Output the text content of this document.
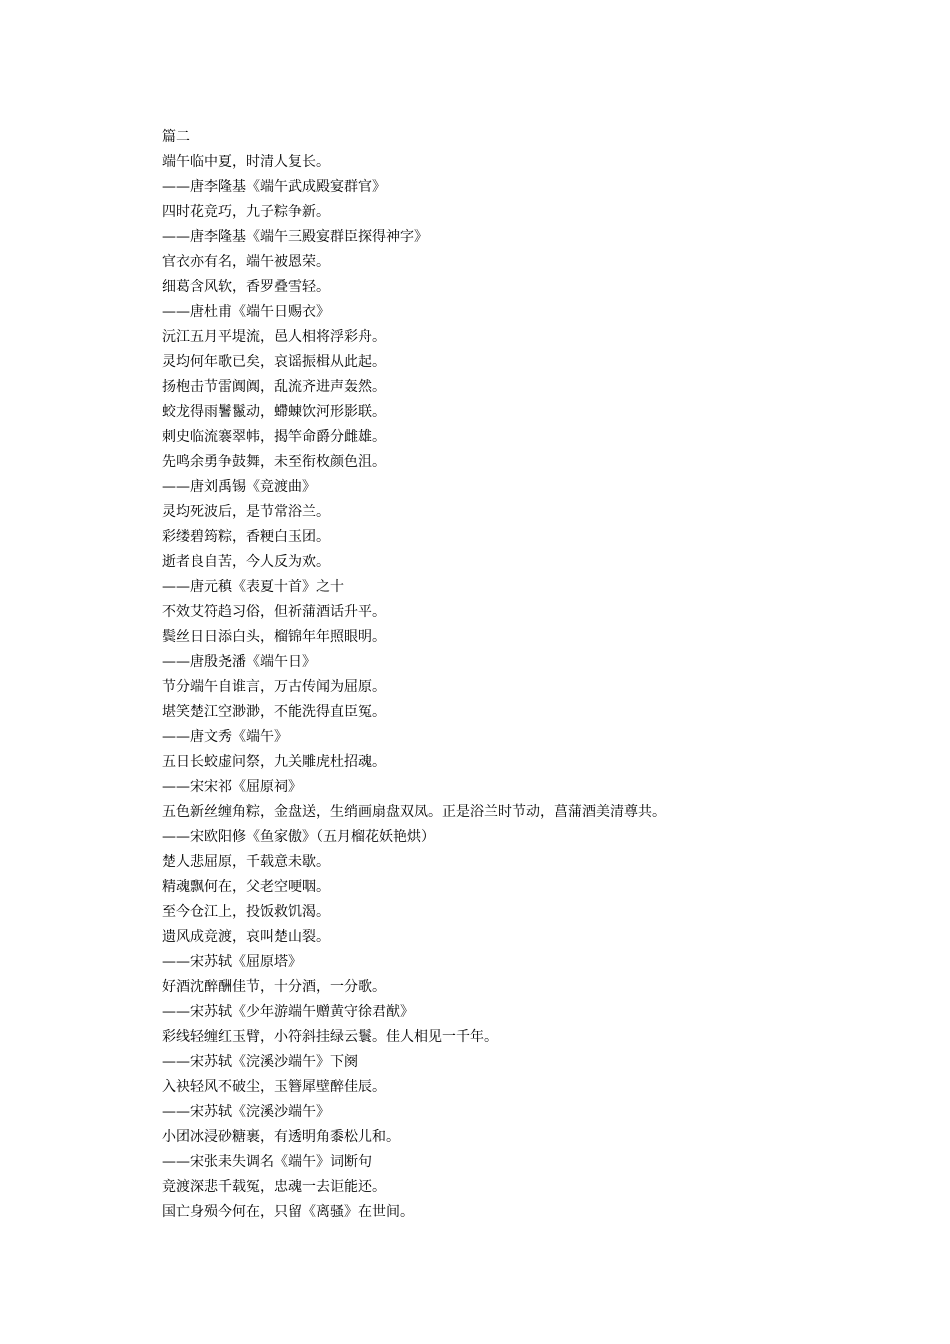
篇二

端午临中夏，时清人复长。

——唐李隆基《端午武成殿宴群官》

四时花竞巧，九子粽争新。

——唐李隆基《端午三殿宴群臣探得神字》

官衣亦有名，端午被恩荣。

细葛含风软，香罗叠雪轻。

——唐杜甫《端午日赐衣》

沅江五月平堤流，邑人相将浮彩舟。

灵均何年歌已矣，哀谣振楫从此起。

扬枹击节雷阗阗，乱流齐进声轰然。

蛟龙得雨鬐鬣动，螮蝀饮河形影联。

刺史临流褰翠帏，揭竿命爵分雌雄。

先鸣余勇争鼓舞，未至衔枚颜色沮。

——唐刘禹锡《竞渡曲》

灵均死波后，是节常浴兰。

彩缕碧筠粽，香粳白玉团。

逝者良自苦，今人反为欢。

——唐元稹《表夏十首》之十

不效艾符趋习俗，但祈蒲酒话升平。

鬓丝日日添白头，榴锦年年照眼明。

——唐殷尧潘《端午日》

节分端午自谁言，万古传闻为屈原。

堪笑楚江空渺渺，不能洗得直臣冤。

——唐文秀《端午》

五日长蛟虚问祭，九关雕虎杜招魂。

——宋宋祁《屈原祠》

五色新丝缠角粽，金盘送，生绡画扇盘双凤。正是浴兰时节动，菖蒲酒美清尊共。

——宋欧阳修《鱼家傲》（五月榴花妖艳烘）

楚人悲屈原，千载意未歇。

精魂飘何在，父老空哽咽。

至今仓江上，投饭救饥渴。

遗风成竞渡，哀叫楚山裂。

——宋苏轼《屈原塔》

好酒沈醉酬佳节，十分酒，一分歌。

——宋苏轼《少年游端午赠黄守徐君猷》

彩线轻缠红玉臂，小符斜挂绿云鬟。佳人相见一千年。

——宋苏轼《浣溪沙端午》下阕

入袂轻风不破尘，玉簪犀壁醉佳辰。

——宋苏轼《浣溪沙端午》

小团冰浸砂糖裹，有透明角黍松儿和。

——宋张耒失调名《端午》词断句

竞渡深悲千载冤，忠魂一去讵能还。

国亡身殒今何在，只留《离骚》在世间。
